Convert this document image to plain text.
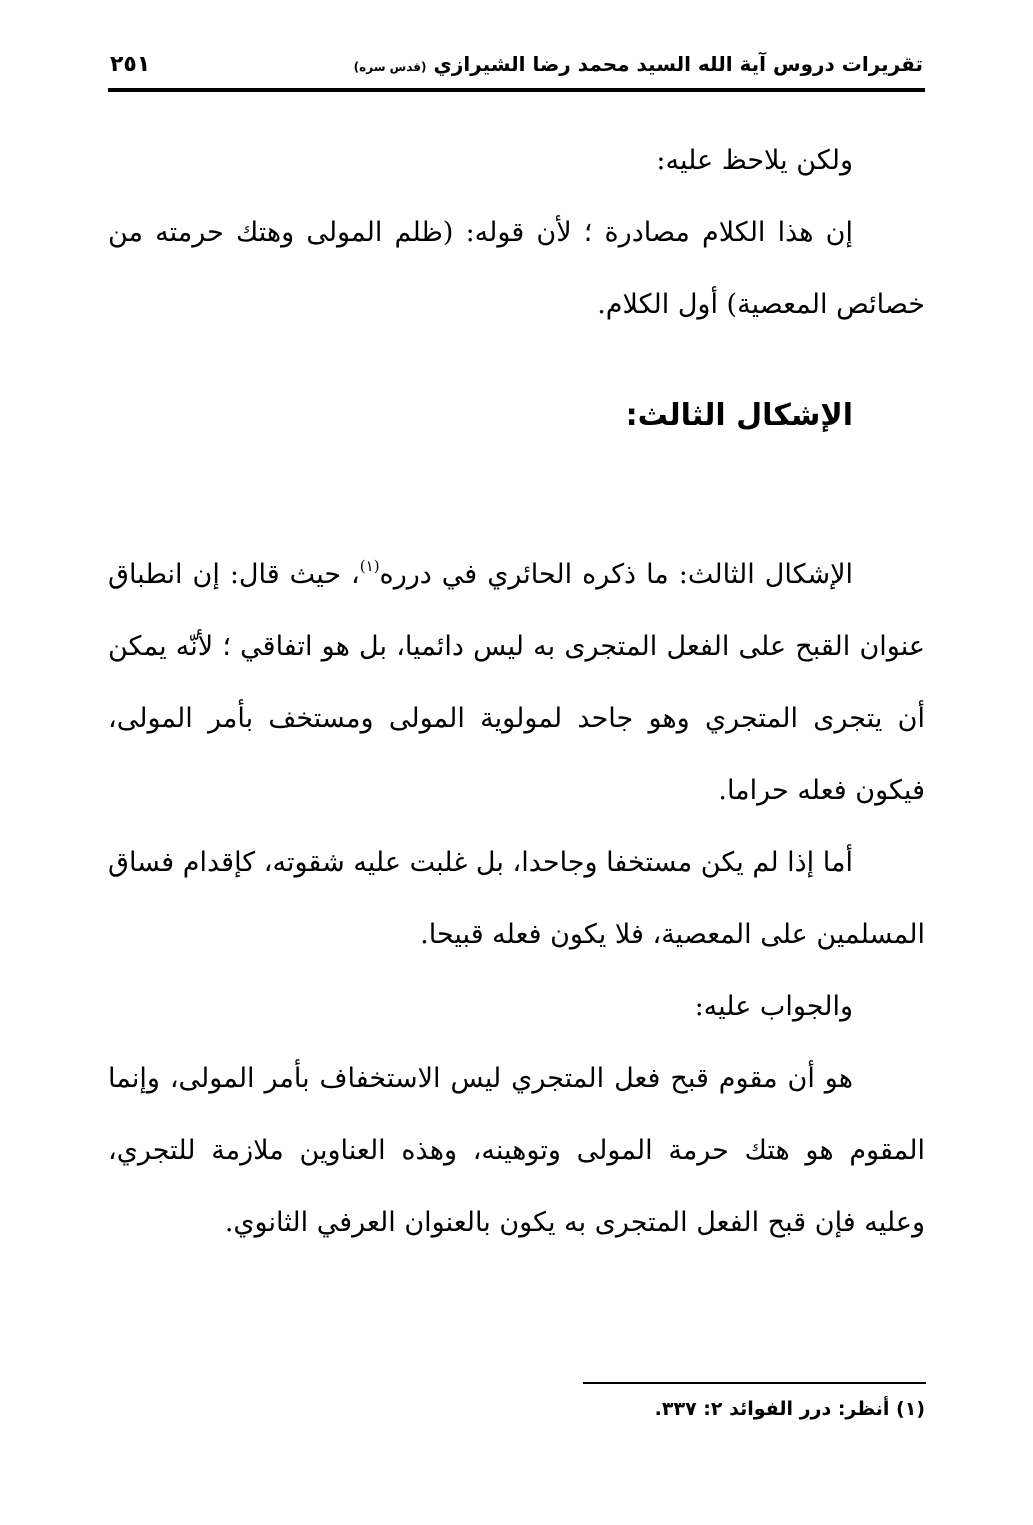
تقريرات دروس آية الله السيد محمد رضا الشيرازي (قدس سره)
٢٥١

ولكن يلاحظ عليه:

إن هذا الكلام مصادرة ؛ لأن قوله: (ظلم المولى وهتك حرمته من خصائص المعصية) أول الكلام.

الإشكال الثالث:

الإشكال الثالث: ما ذكره الحائري في درره$^{(١)}$، حيث قال: إن انطباق عنوان القبح على الفعل المتجرى به ليس دائميا، بل هو اتفاقي ؛ لأنّه يمكن أن يتجرى المتجري وهو جاحد لمولوية المولى ومستخف بأمر المولى، فيكون فعله حراما.

أما إذا لم يكن مستخفا وجاحدا، بل غلبت عليه شقوته، كإقدام فساق المسلمين على المعصية، فلا يكون فعله قبيحا.

والجواب عليه:

هو أن مقوم قبح فعل المتجري ليس الاستخفاف بأمر المولى، وإنما المقوم هو هتك حرمة المولى وتوهينه، وهذه العناوين ملازمة للتجري، وعليه فإن قبح الفعل المتجرى به يكون بالعنوان العرفي الثانوي.

(١) أنظر: درر الفوائد ٢: ٣٣٧.
